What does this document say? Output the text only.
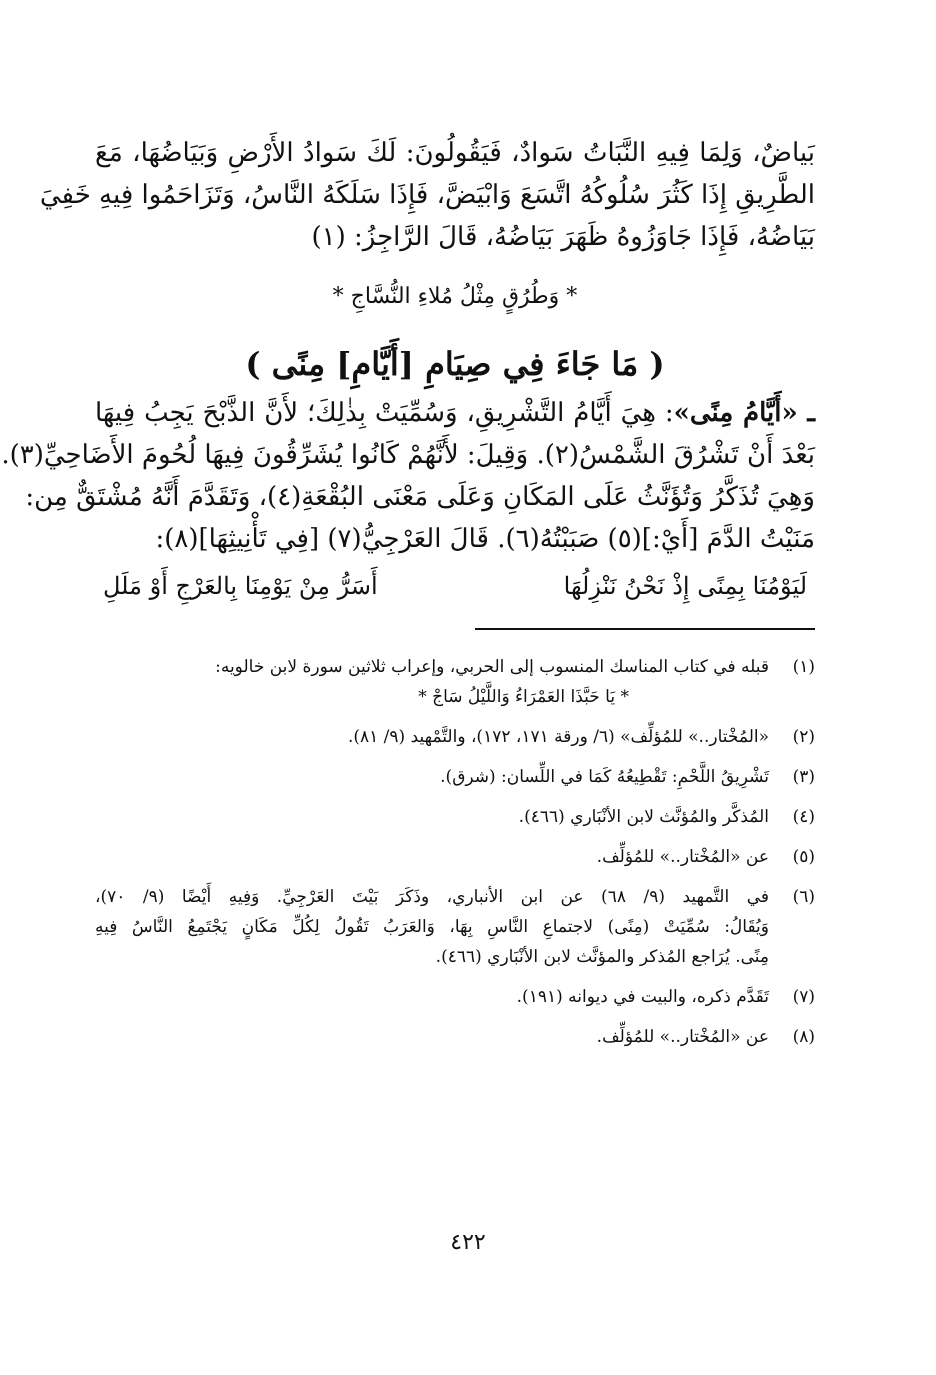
بَياضٌ، وَلِمَا فِيهِ النَّبَاتُ سَوادٌ، فَيَقُولُونَ: لَكَ سَوادُ الأَرْضِ وَبَيَاضُهَا، مَعَ
الطَّرِيقِ إِذَا كَثُرَ سُلُوكُهُ اتَّسَعَ وَابْيَضَّ، فَإِذَا سَلَكَهُ النَّاسُ، وَتَزَاحَمُوا فِيهِ خَفِيَ
بَيَاضُهُ، فَإِذَا جَاوَزُوهُ ظَهَرَ بَيَاضُهُ، قَالَ الرَّاجِزُ: (١)
* وَطُرُقٍ مِثْلُ مُلاءِ النُّسَّاجِ *
( مَا جَاءَ فِي صِيَامِ [أَيَّامِ] مِنًى )
ـ «أَيَّامُ مِنًى»: هِيَ أَيَّامُ التَّشْرِيقِ، وَسُمِّيَتْ بِذٰلِكَ؛ لأَنَّ الذَّبْحَ يَجِبُ فِيهَا
بَعْدَ أَنْ تَشْرُقَ الشَّمْسُ(٢). وَقِيلَ: لأَنَّهُمْ كَانُوا يُشَرِّقُونَ فِيهَا لُحُومَ الأَضَاحِيِّ(٣).
وَهِيَ تُذَكَّرُ وَتُؤَنَّثُ عَلَى المَكَانِ وَعَلَى مَعْنَى البُقْعَةِ(٤)، وَتَقَدَّمَ أَنَّهُ مُشْتَقٌّ مِن:
مَنَيْتُ الدَّمَ [أَيْ:](٥) صَبَبْتُهُ(٦). قَالَ العَرْجِيُّ(٧) [فِي تَأْنِيثِهَا](٨):
لَيَوْمُنَا بِمِنًى إِذْ نَحْنُ نَنْزِلُهَا
أَسَرُّ مِنْ يَوْمِنَا بِالعَرْجِ أَوْ مَلَلِ
(١)
قبله في كتاب المناسك المنسوب إلى الحربي، وإعراب ثلاثين سورة لابن خالويه:
* يَا حَبَّذَا العَمْرَاءُ وَاللَّيْلُ سَاجْ *
(٢)
«المُخْتار..» للمُؤلِّف» (٦/ ورقة ١٧١، ١٧٢)، والتَّمْهيد (٩/ ٨١).
(٣)
تَشْرِيقُ اللَّحْمِ: تَقْطِيعُهُ كَمَا في اللِّسان: (شرق).
(٤)
المُذكَّر والمُؤنَّث لابن الأنْبَاري (٤٦٦).
(٥)
عن «المُخْتار..» للمُؤلِّف.
(٦)
في التَّمهيد (٩/ ٦٨) عن ابن الأنباري، وذَكَرَ بَيْتَ العَرْجِيِّ. وَفِيهِ أَيْضًا (٩/ ٧٠)،
وَيُقَالُ: سُمِّيَتْ (مِنًى) لاجتماعِ النَّاسِ بِهَا، وَالعَرَبُ تَقُولُ لِكُلِّ مَكَانٍ يَجْتَمِعُ النَّاسُ فِيهِ
مِنًى. يُرَاجع المُذكر والمؤنَّث لابن الأنْبَاري (٤٦٦).
(٧)
تَقَدَّم ذكره، والبيت في ديوانه (١٩١).
(٨)
عن «المُخْتار..» للمُؤلِّف.
٤٢٢
